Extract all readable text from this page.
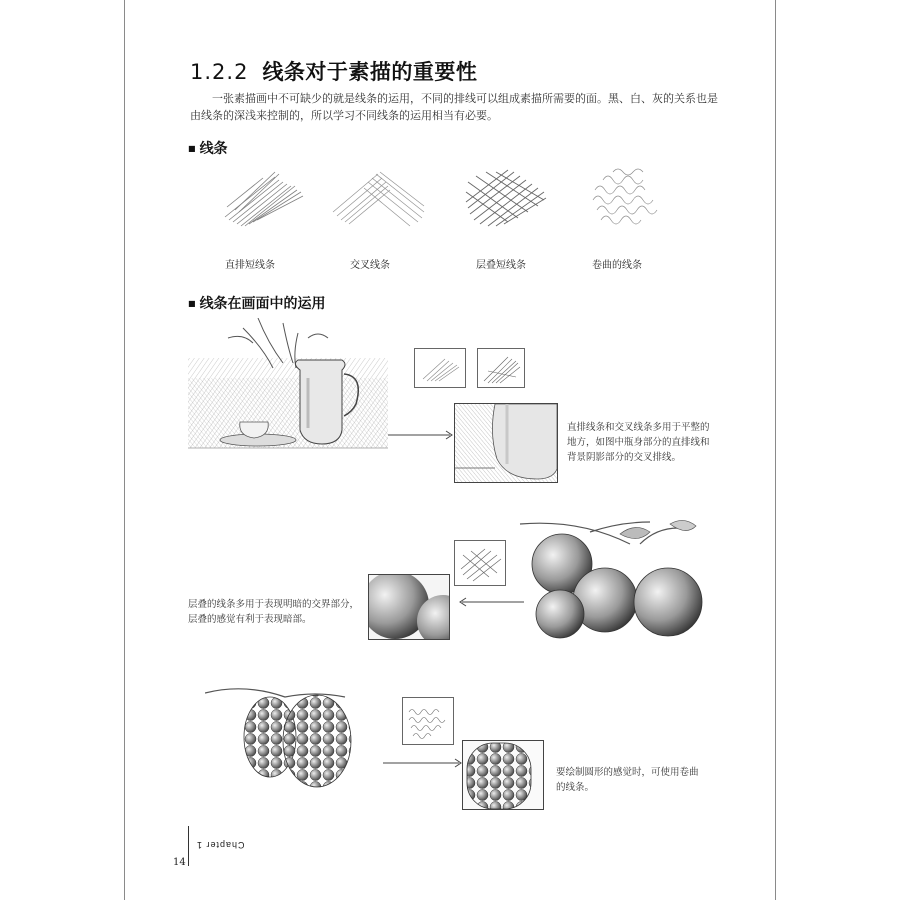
1.2.2 线条对于素描的重要性
一张素描画中不可缺少的就是线条的运用，不同的排线可以组成素描所需要的面。黑、白、灰的关系也是由线条的深浅来控制的，所以学习不同线条的运用相当有必要。
■ 线条
直排短线条	交叉线条	层叠短线条	卷曲的线条
■ 线条在画面中的运用
直排线条和交叉线条多用于平整的地方，如图中瓶身部分的直排线和背景阴影部分的交叉排线。
层叠的线条多用于表现明暗的交界部分，层叠的感觉有利于表现暗部。
要绘制圆形的感觉时，可使用卷曲的线条。
Chapter 1
14
